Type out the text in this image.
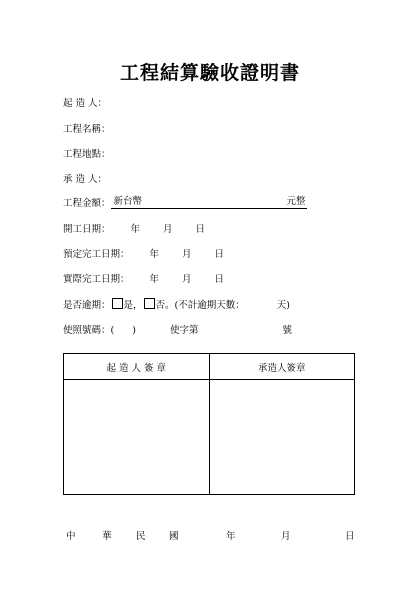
工程結算驗收證明書
起 造 人：
工程名稱：
工程地點：
承 造 人：
工程金額： 新台幣	元整
開工日期： 年 月 日
預定完工日期： 年 月 日
實際完工日期： 年 月 日
是否逾期： 是， 否。(不計逾期天數：	天)
使照號碼：( )	使字第	號
起 造 人 簽 章	承造人簽章

中	華	民 國	年	月	日
